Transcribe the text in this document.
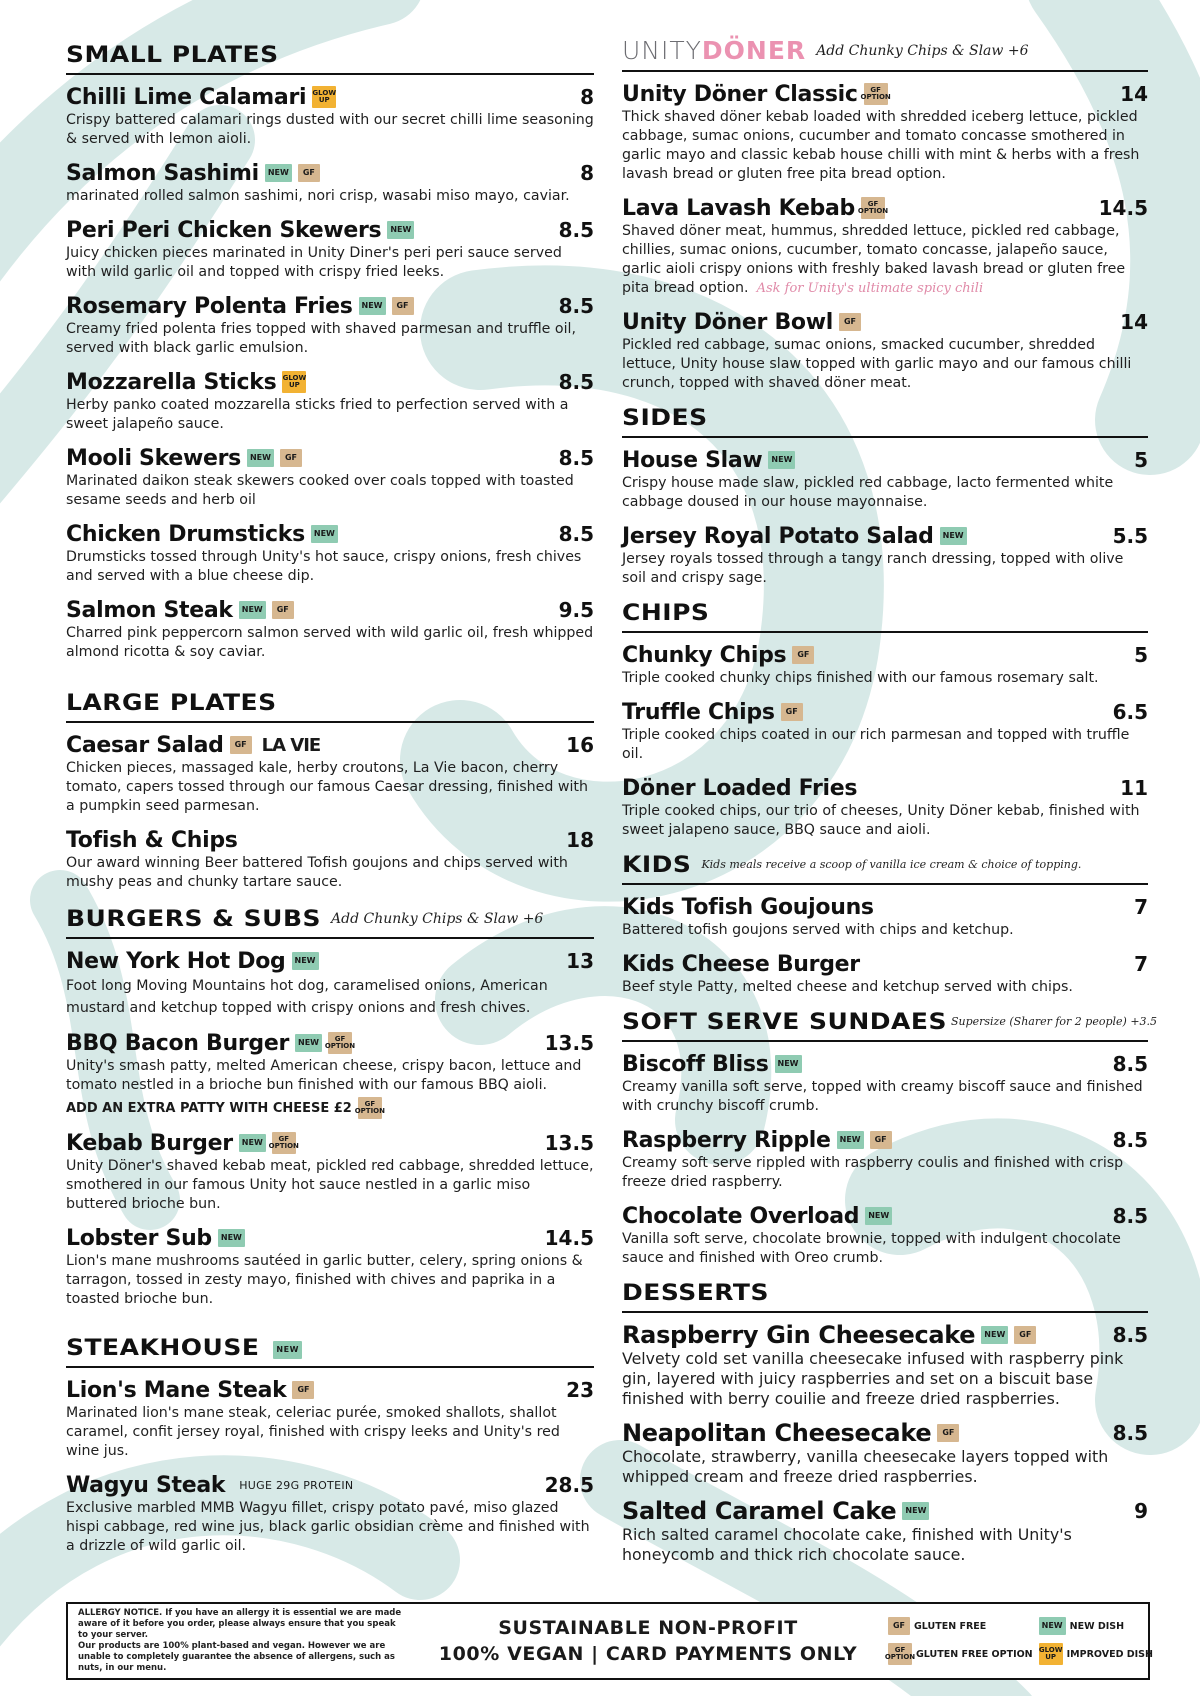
SMALL PLATES
Chilli Lime Calamari GLOW
UP	8
Crispy battered calamari rings dusted with our secret chilli lime seasoning & served with lemon aioli.
Salmon Sashimi	NEW	GF	8
marinated rolled salmon sashimi, nori crisp, wasabi miso mayo, caviar.
Peri Peri Chicken Skewers	NEW	8.5
Juicy chicken pieces marinated in Unity Diner's peri peri sauce served with wild garlic oil and topped with crispy fried leeks.
Rosemary Polenta Fries	NEW	GF	8.5
Creamy fried polenta fries topped with shaved parmesan and truffle oil, served with black garlic emulsion.
Mozzarella Sticks GLOW
UP	8.5
Herby panko coated mozzarella sticks fried to perfection served with a sweet jalapeño sauce.
Mooli Skewers	NEW	GF	8.5
Marinated daikon steak skewers cooked over coals topped with toasted sesame seeds and herb oil
Chicken Drumsticks	NEW	8.5
Drumsticks tossed through Unity's hot sauce, crispy onions, fresh chives and served with a blue cheese dip.
Salmon Steak	NEW	GF	9.5
Charred pink peppercorn salmon served with wild garlic oil, fresh whipped almond ricotta & soy caviar.
LARGE PLATES
Caesar Salad	GF LA VIE	16
Chicken pieces, massaged kale, herby croutons, La Vie bacon, cherry tomato, capers tossed through our famous Caesar dressing, finished with a pumpkin seed parmesan.
Tofish & Chips	18
Our award winning Beer battered Tofish goujons and chips served with mushy peas and chunky tartare sauce.
BURGERS & SUBS Add Chunky Chips & Slaw +6
New York Hot Dog	NEW	13
Foot long Moving Mountains hot dog, caramelised onions, American mustard and ketchup topped with crispy onions and fresh chives.
BBQ Bacon Burger	NEW	GF
OPTION	13.5
Unity's smash patty, melted American cheese, crispy bacon, lettuce and tomato nestled in a brioche bun finished with our famous BBQ aioli.
ADD AN EXTRA PATTY WITH CHEESE £2 GF
OPTION
Kebab Burger	NEW	GF
OPTION	13.5
Unity Döner's shaved kebab meat, pickled red cabbage, shredded lettuce, smothered in our famous Unity hot sauce nestled in a garlic miso buttered brioche bun.
Lobster Sub	NEW	14.5
Lion's mane mushrooms sautéed in garlic butter, celery, spring onions & tarragon, tossed in zesty mayo, finished with chives and paprika in a toasted brioche bun.
STEAKHOUSE	NEW
Lion's Mane Steak	GF	23
Marinated lion's mane steak, celeriac purée, smoked shallots, shallot caramel, confit jersey royal, finished with crispy leeks and Unity's red wine jus.
Wagyu Steak HUGE 29G PROTEIN	28.5
Exclusive marbled MMB Wagyu fillet, crispy potato pavé, miso glazed hispi cabbage, red wine jus, black garlic obsidian crème and finished with a drizzle of wild garlic oil.
UNITY DÖNER Add Chunky Chips & Slaw +6
Unity Döner Classic GF
OPTION	14
Thick shaved döner kebab loaded with shredded iceberg lettuce, pickled cabbage, sumac onions, cucumber and tomato concasse smothered in garlic mayo and classic kebab house chilli with mint & herbs with a fresh lavash bread or gluten free pita bread option.
Lava Lavash Kebab GF
OPTION	14.5
Shaved döner meat, hummus, shredded lettuce, pickled red cabbage, chillies, sumac onions, cucumber, tomato concasse, jalapeño sauce, garlic aioli crispy onions with freshly baked lavash bread or gluten free pita bread option. Ask for Unity's ultimate spicy chili
Unity Döner Bowl	GF	14
Pickled red cabbage, sumac onions, smacked cucumber, shredded lettuce, Unity house slaw topped with garlic mayo and our famous chilli crunch, topped with shaved döner meat.
SIDES
House Slaw	NEW	5
Crispy house made slaw, pickled red cabbage, lacto fermented white cabbage doused in our house mayonnaise.
Jersey Royal Potato Salad	NEW	5.5
Jersey royals tossed through a tangy ranch dressing, topped with olive soil and crispy sage.
CHIPS
Chunky Chips	GF	5
Triple cooked chunky chips finished with our famous rosemary salt.
Truffle Chips	GF	6.5
Triple cooked chips coated in our rich parmesan and topped with truffle oil.
Döner Loaded Fries	11
Triple cooked chips, our trio of cheeses, Unity Döner kebab, finished with sweet jalapeno sauce, BBQ sauce and aioli.
KIDS Kids meals receive a scoop of vanilla ice cream & choice of topping.
Kids Tofish Goujouns	7
Battered tofish goujons served with chips and ketchup.
Kids Cheese Burger	7
Beef style Patty, melted cheese and ketchup served with chips.
SOFT SERVE SUNDAES Supersize (Sharer for 2 people) +3.5
Biscoff Bliss	NEW	8.5
Creamy vanilla soft serve, topped with creamy biscoff sauce and finished with crunchy biscoff crumb.
Raspberry Ripple	NEW	GF	8.5
Creamy soft serve rippled with raspberry coulis and finished with crisp freeze dried raspberry.
Chocolate Overload	NEW	8.5
Vanilla soft serve, chocolate brownie, topped with indulgent chocolate sauce and finished with Oreo crumb.
DESSERTS
Raspberry Gin Cheesecake	NEW	GF	8.5
Velvety cold set vanilla cheesecake infused with raspberry pink gin, layered with juicy raspberries and set on a biscuit base finished with berry couilie and freeze dried raspberries.
Neapolitan Cheesecake	GF	8.5
Chocolate, strawberry, vanilla cheesecake layers topped with whipped cream and freeze dried raspberries.
Salted Caramel Cake	NEW	9
Rich salted caramel chocolate cake, finished with Unity's honeycomb and thick rich chocolate sauce.
ALLERGY NOTICE. If you have an allergy it is essential we are made aware of it before you order, please always ensure that you speak to your server.
Our products are 100% plant-based and vegan. However we are unable to completely guarantee the absence of allergens, such as nuts, in our menu.
SUSTAINABLE NON-PROFIT
100% VEGAN | CARD PAYMENTS ONLY
GF GLUTEN FREE	NEW NEW DISH
GF
OPTION GLUTEN FREE OPTION GLOW
UP IMPROVED DISH
